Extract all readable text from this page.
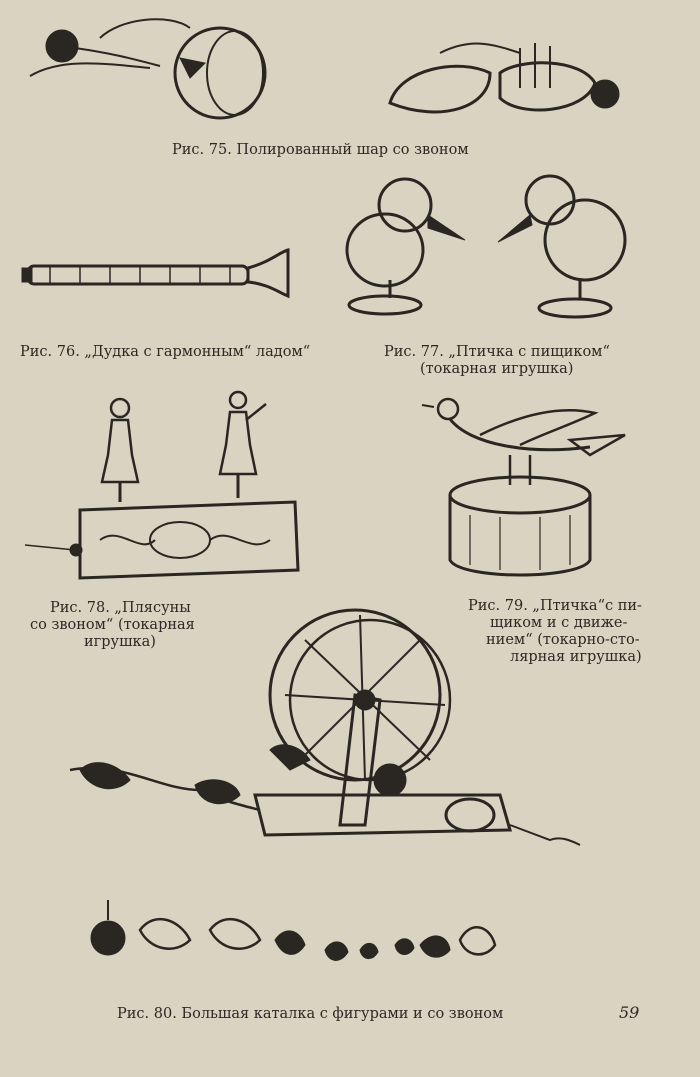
Рис. 75. Полированный шар со звоном
Рис. 76. „Дудка с гармонным“ ладом“	Рис. 77. „Птичка с пищиком“
(токарная игрушка)
Рис. 78. „Плясуны
со звоном“ (токарная
игрушка)
Рис. 79. „Птичка“с пи-
щиком и с движе-
нием“ (токарно-сто-
лярная игрушка)
Рис. 80. Большая каталка с фигурами и со звоном	59
